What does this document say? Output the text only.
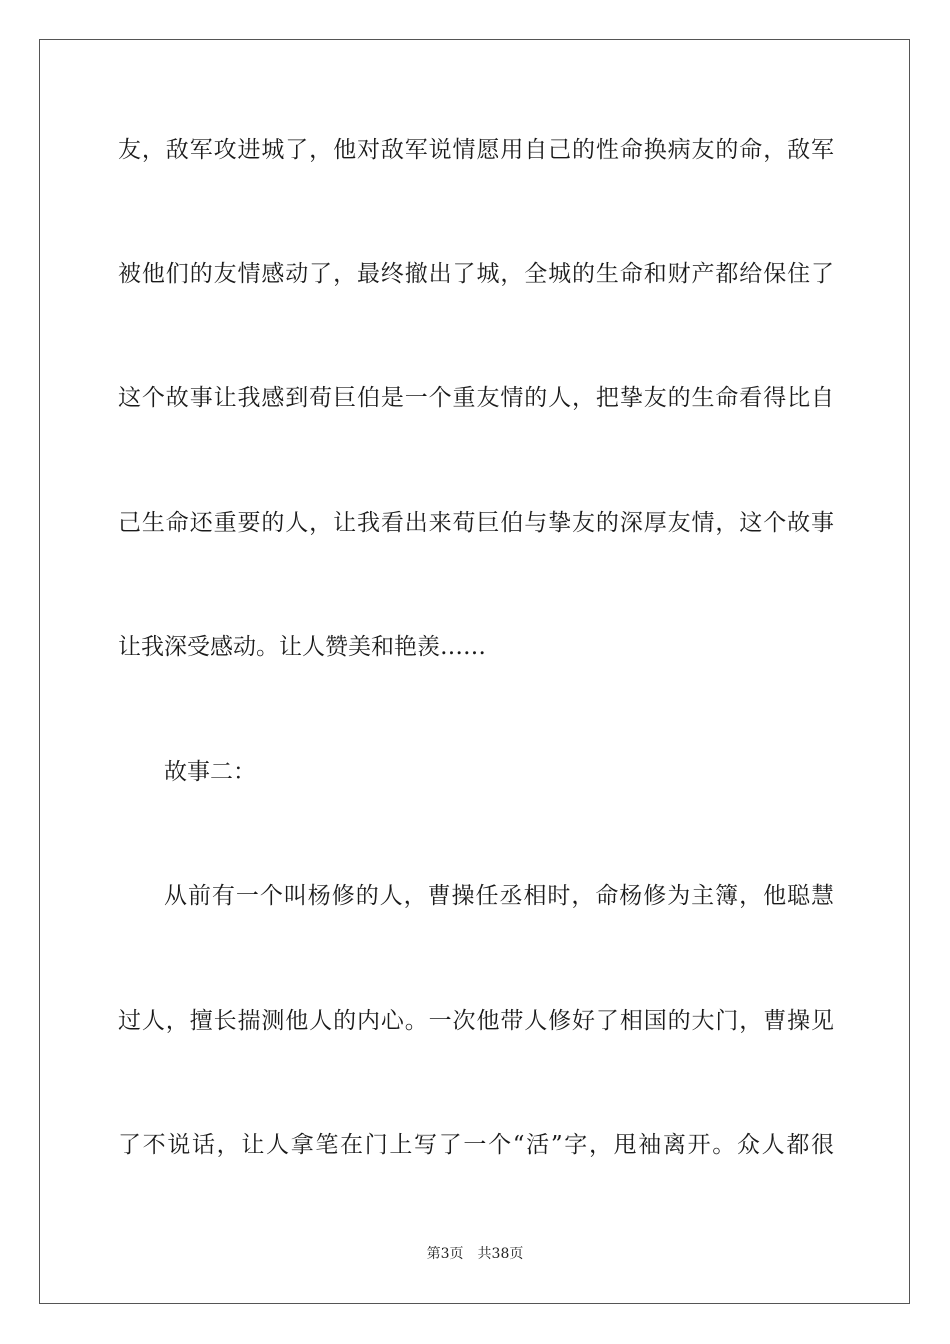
友，敌军攻进城了，他对敌军说情愿用自己的性命换病友的命，敌军
被他们的友情感动了，最终撤出了城，全城的生命和财产都给保住了
这个故事让我感到荀巨伯是一个重友情的人，把挚友的生命看得比自
己生命还重要的人，让我看出来荀巨伯与挚友的深厚友情，这个故事
让我深受感动。让人赞美和艳羡……
故事二：
从前有一个叫杨修的人，曹操任丞相时，命杨修为主簿，他聪慧
过人，擅长揣测他人的内心。一次他带人修好了相国的大门，曹操见
了不说话，让人拿笔在门上写了一个“活”字，甩袖离开。众人都很
第3页 共38页
